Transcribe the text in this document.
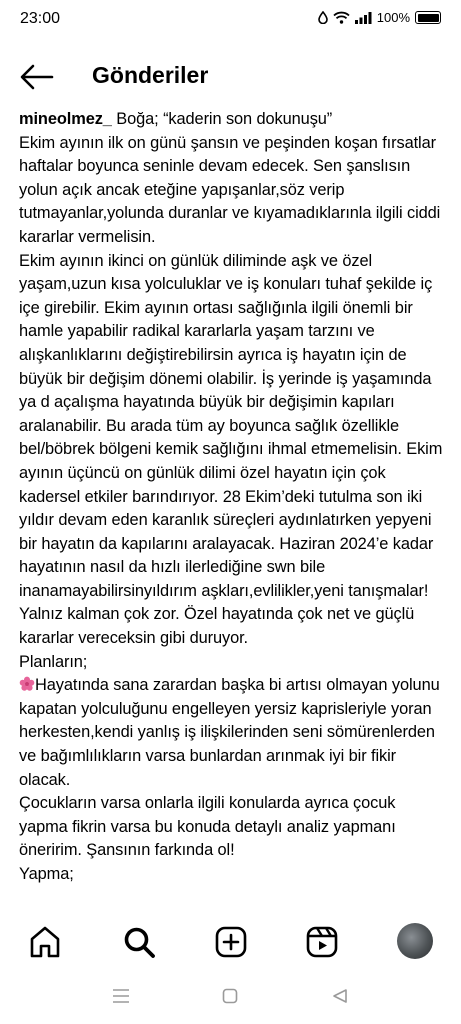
23:00	100%
Gönderiler

mineolmez_ Boğa; “kaderin son dokunuşu”

Ekim ayının ilk on günü şansın ve peşinden koşan fırsatlar haftalar boyunca seninle devam edecek. Sen şanslısın yolun açık ancak eteğine yapışanlar,söz verip tutmayanlar,yolunda duranlar ve kıyamadıklarınla ilgili ciddi kararlar vermelisin.

Ekim ayının ikinci on günlük diliminde aşk ve özel yaşam,uzun kısa yolculuklar ve iş konuları tuhaf şekilde iç içe girebilir. Ekim ayının ortası sağlığınla ilgili önemli bir hamle yapabilir radikal kararlarla yaşam tarzını ve alışkanlıklarını değiştirebilirsin ayrıca iş hayatın için de büyük bir değişim dönemi olabilir. İş yerinde iş yaşamında ya d açalışma hayatında büyük bir değişimin kapıları aralanabilir. Bu arada tüm ay boyunca sağlık özellikle bel/böbrek bölgeni kemik sağlığını ihmal etmemelisin. Ekim ayının üçüncü on günlük dilimi özel hayatın için çok kadersel etkiler barındırıyor. 28 Ekim’deki tutulma son iki yıldır devam eden karanlık süreçleri aydınlatırken yepyeni bir hayatın da kapılarını aralayacak. Haziran 2024’e kadar hayatının nasıl da hızlı ilerlediğine swn bile inanamayabilirsinyıldırım aşkları,evlilikler,yeni tanışmalar! Yalnız kalman çok zor. Özel hayatında çok net ve güçlü kararlar vereceksin gibi duruyor.

Planların;

Hayatında sana zarardan başka bi artısı olmayan yolunu kapatan yolculuğunu engelleyen yersiz kaprisleriyle yoran herkesten,kendi yanlış iş ilişkilerinden seni sömürenlerden ve bağımlılıkların varsa bunlardan arınmak iyi bir fikir olacak.

Çocukların varsa onlarla ilgili konularda ayrıca çocuk yapma fikrin varsa bu konuda detaylı analiz yapmanı öneririm. Şansının farkında ol!

Yapma;
